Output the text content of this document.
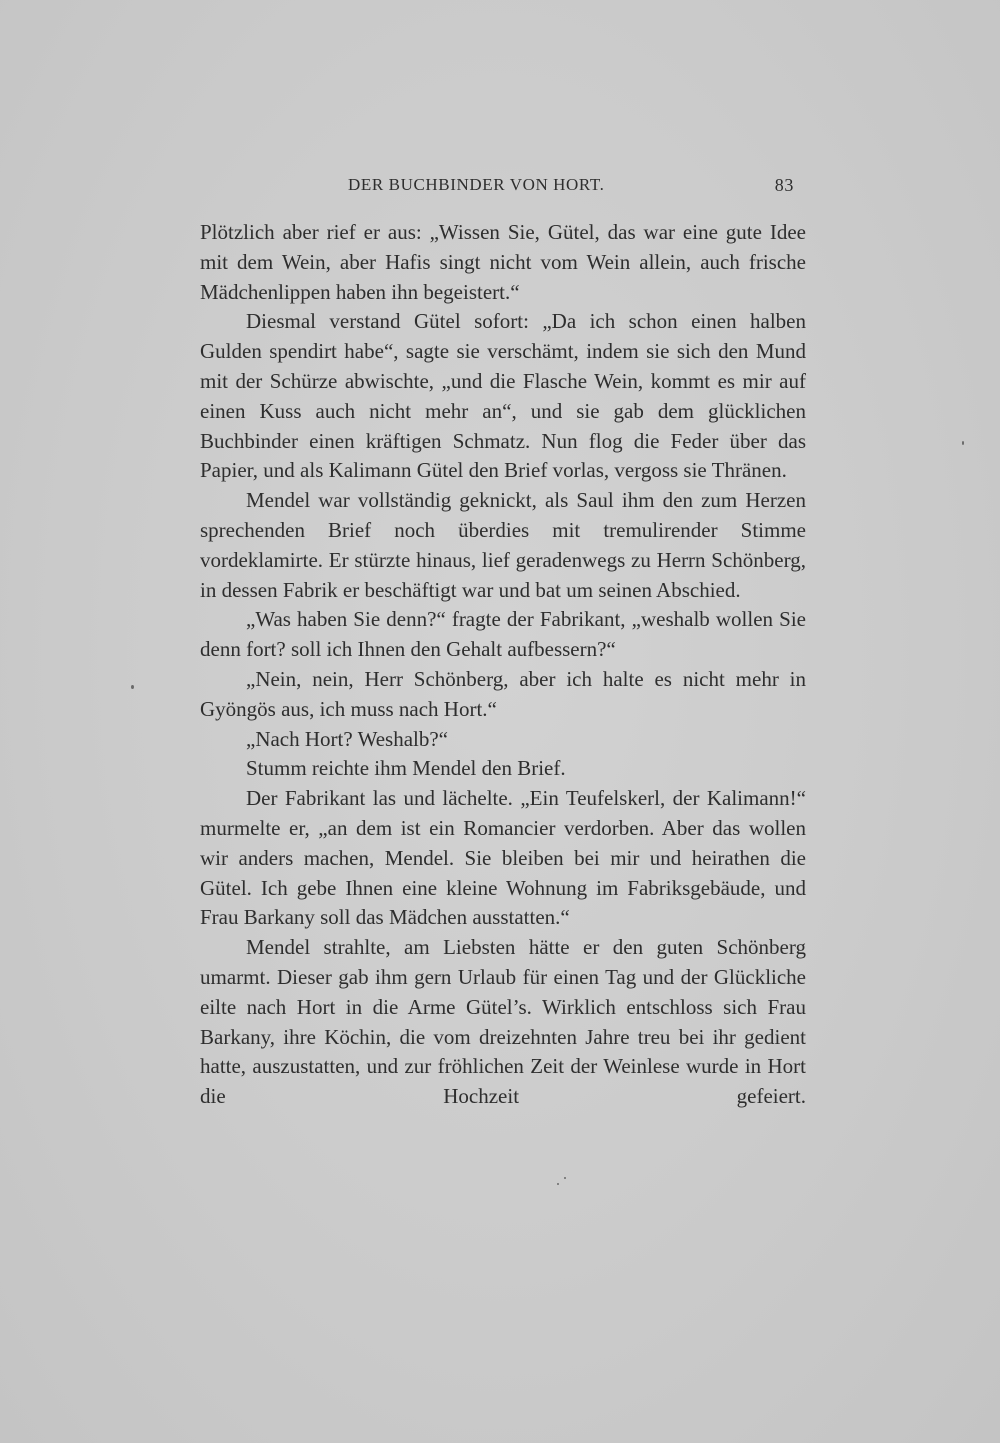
DER BUCHBINDER VON HORT.	83

Plötzlich aber rief er aus: „Wissen Sie, Gütel, das war eine gute Idee mit dem Wein, aber Hafis singt nicht vom Wein allein, auch frische Mädchenlippen haben ihn begeistert.“

Diesmal verstand Gütel sofort: „Da ich schon einen halben Gulden spendirt habe“, sagte sie verschämt, indem sie sich den Mund mit der Schürze abwischte, „und die Flasche Wein, kommt es mir auf einen Kuss auch nicht mehr an“, und sie gab dem glücklichen Buchbinder einen kräftigen Schmatz. Nun flog die Feder über das Papier, und als Kalimann Gütel den Brief vorlas, vergoss sie Thränen.

Mendel war vollständig geknickt, als Saul ihm den zum Herzen sprechenden Brief noch überdies mit tremulirender Stimme vordeklamirte. Er stürzte hinaus, lief geradenwegs zu Herrn Schönberg, in dessen Fabrik er beschäftigt war und bat um seinen Abschied.

„Was haben Sie denn?“ fragte der Fabrikant, „weshalb wollen Sie denn fort? soll ich Ihnen den Gehalt aufbessern?“

„Nein, nein, Herr Schönberg, aber ich halte es nicht mehr in Gyöngös aus, ich muss nach Hort.“

„Nach Hort? Weshalb?“

Stumm reichte ihm Mendel den Brief.

Der Fabrikant las und lächelte. „Ein Teufelskerl, der Kalimann!“ murmelte er, „an dem ist ein Romancier verdorben. Aber das wollen wir anders machen, Mendel. Sie bleiben bei mir und heirathen die Gütel. Ich gebe Ihnen eine kleine Wohnung im Fabriksgebäude, und Frau Barkany soll das Mädchen ausstatten.“

Mendel strahlte, am Liebsten hätte er den guten Schönberg umarmt. Dieser gab ihm gern Urlaub für einen Tag und der Glückliche eilte nach Hort in die Arme Gütel’s. Wirklich entschloss sich Frau Barkany, ihre Köchin, die vom dreizehnten Jahre treu bei ihr gedient hatte, auszustatten, und zur fröhlichen Zeit der Weinlese wurde in Hort die Hochzeit gefeiert.
